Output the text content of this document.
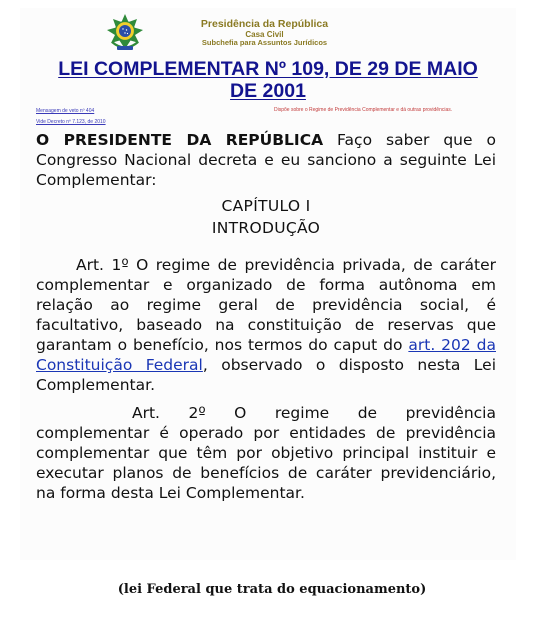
Presidência da República
Casa Civil
Subchefia para Assuntos Jurídicos
LEI COMPLEMENTAR Nº 109, DE 29 DE MAIO DE 2001
Mensagem de veto nº 404
Vide Decreto nº 7.123, de 2010
Dispõe sobre o Regime de Previdência Complementar e dá outras providências.

O PRESIDENTE DA REPÚBLICA Faço saber que o Congresso Nacional decreta e eu sanciono a seguinte Lei Complementar:

CAPÍTULO I

INTRODUÇÃO

Art. 1º O regime de previdência privada, de caráter complementar e organizado de forma autônoma em relação ao regime geral de previdência social, é facultativo, baseado na constituição de reservas que garantam o benefício, nos termos do caput do art. 202 da Constituição Federal, observado o disposto nesta Lei Complementar.

Art. 2º O regime de previdência complementar é operado por entidades de previdência complementar que têm por objetivo principal instituir e executar planos de benefícios de caráter previdenciário, na forma desta Lei Complementar.

(lei Federal que trata do equacionamento)
